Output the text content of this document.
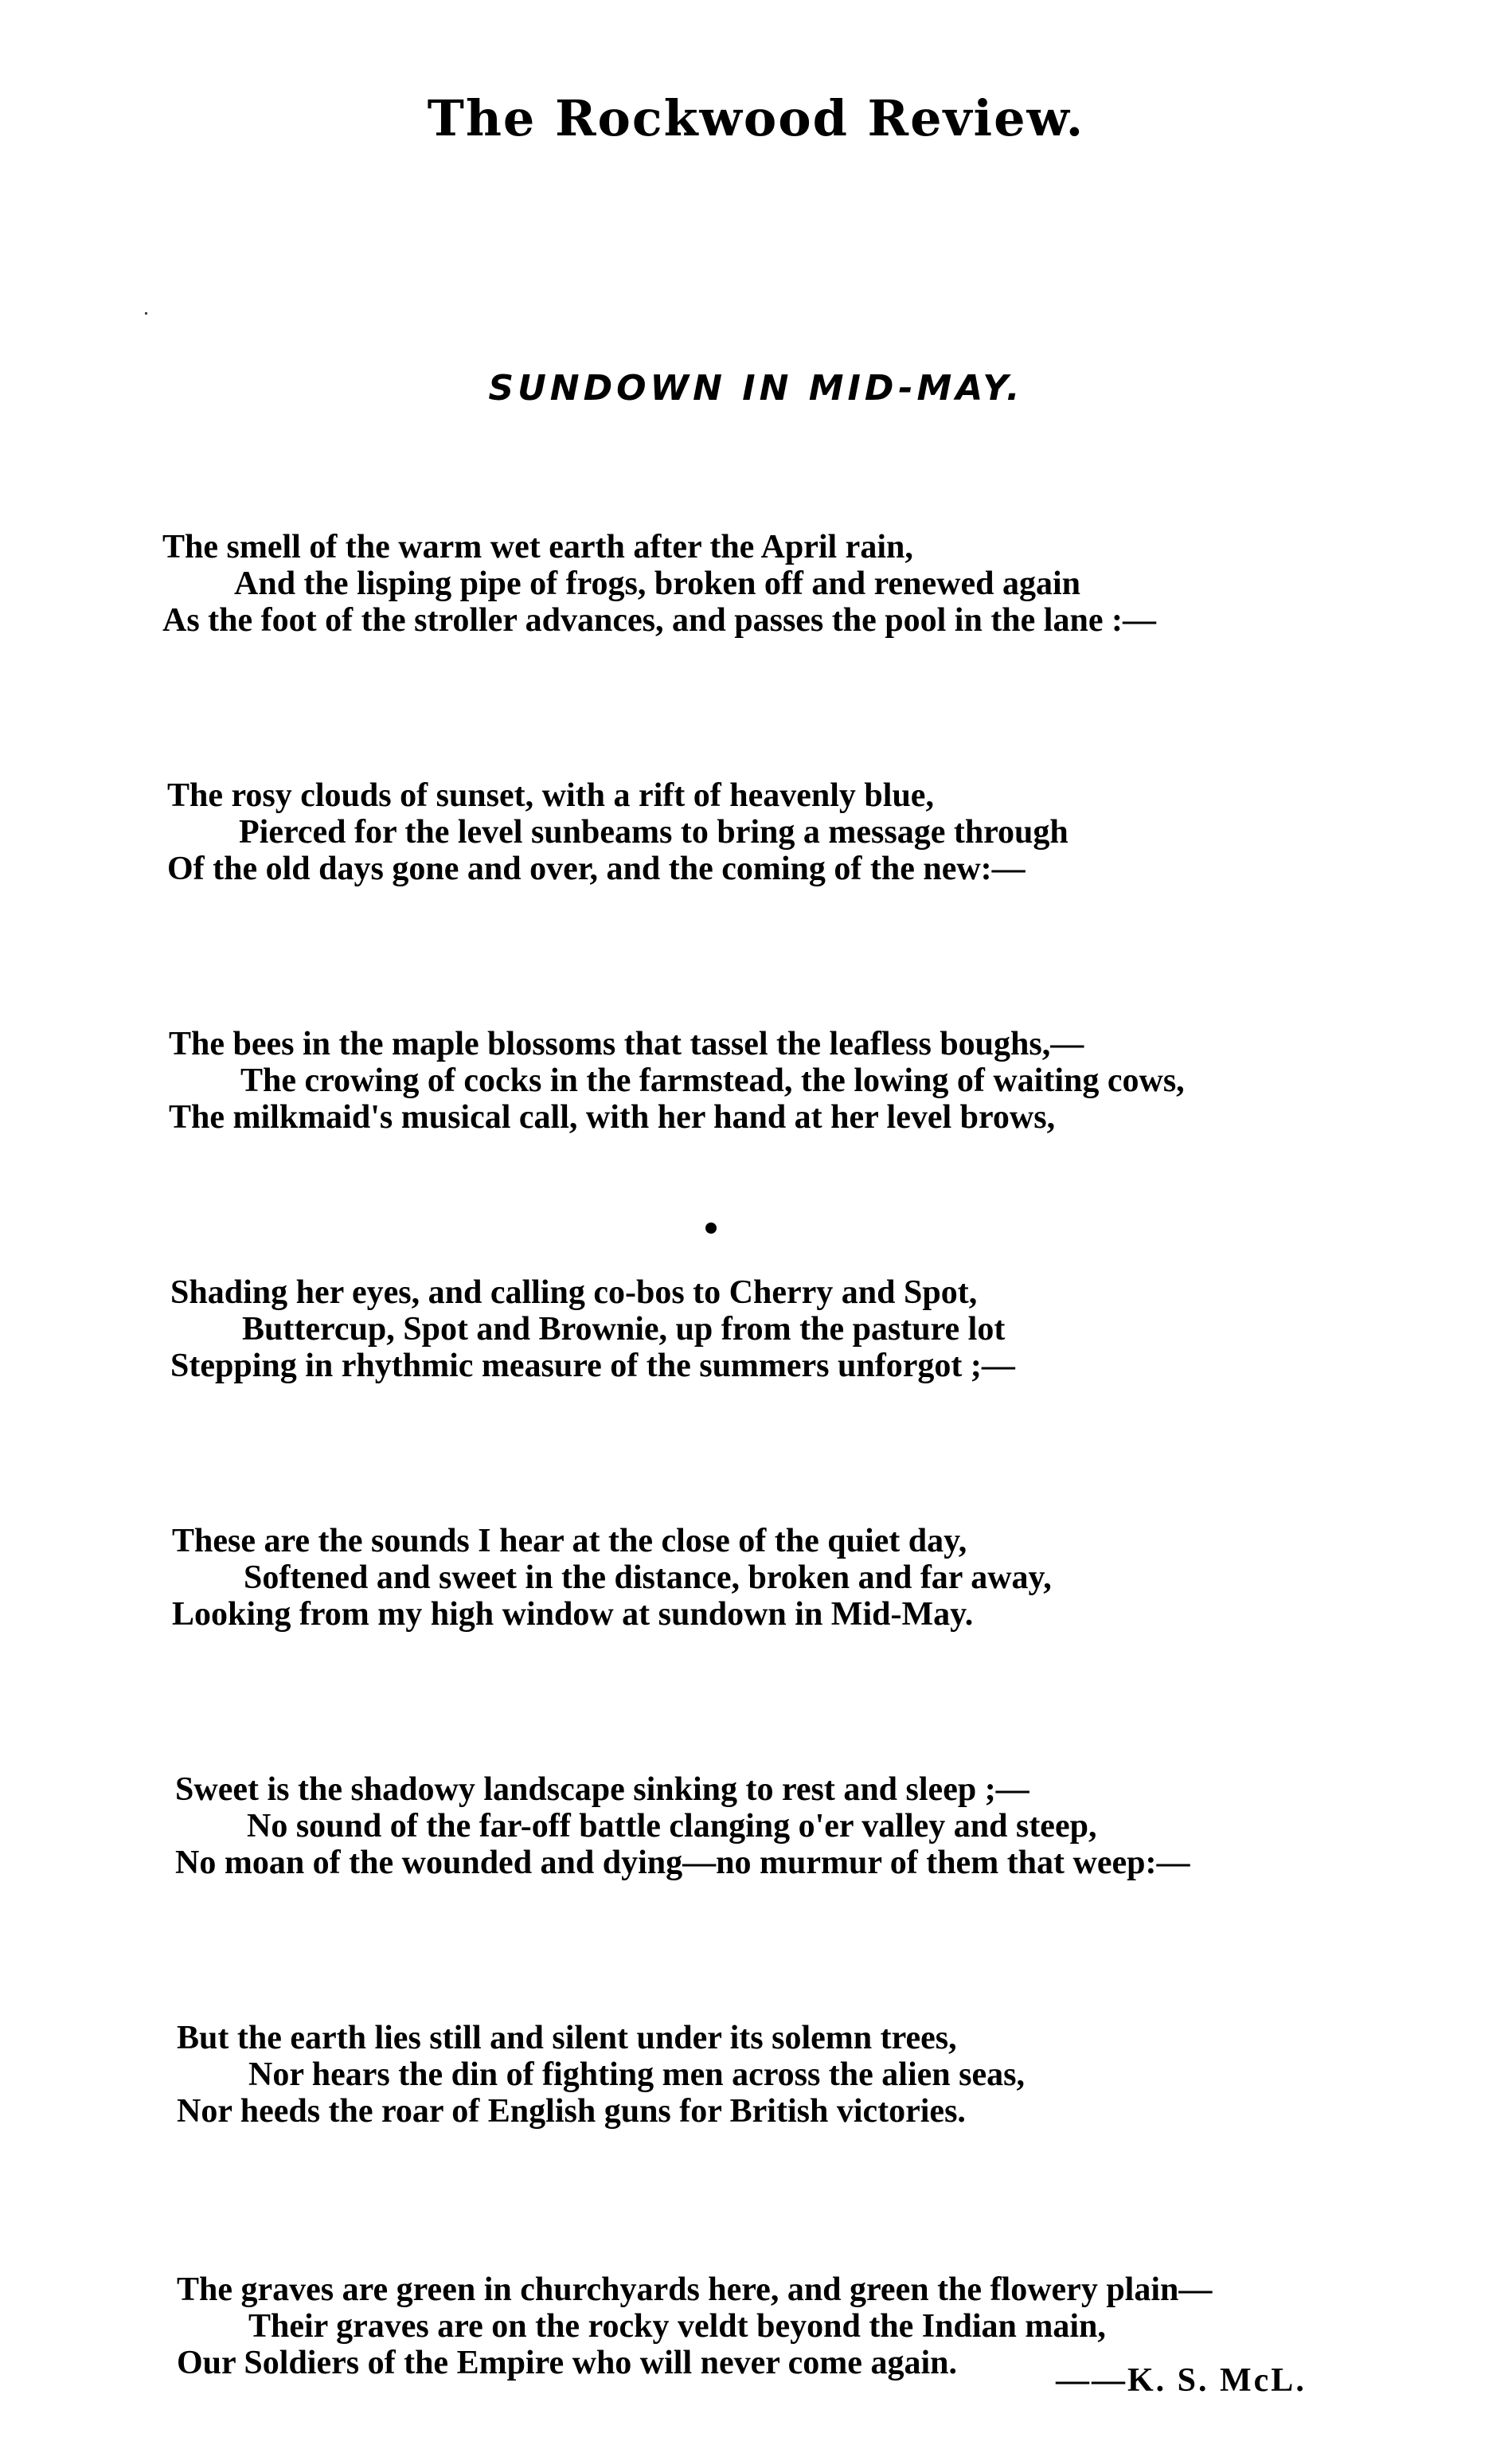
The Rockwood Review.
SUNDOWN IN MID-MAY.

The smell of the warm wet earth after the April rain,
And the lisping pipe of frogs, broken off and renewed again
As the foot of the stroller advances, and passes the pool in the lane :—

The rosy clouds of sunset, with a rift of heavenly blue,
Pierced for the level sunbeams to bring a message through
Of the old days gone and over, and the coming of the new:—

The bees in the maple blossoms that tassel the leafless boughs,—
The crowing of cocks in the farmstead, the lowing of waiting cows,
The milkmaid's musical call, with her hand at her level brows,

Shading her eyes, and calling co-bos to Cherry and Spot,
Buttercup, Spot and Brownie, up from the pasture lot
Stepping in rhythmic measure of the summers unforgot ;—

These are the sounds I hear at the close of the quiet day,
Softened and sweet in the distance, broken and far away,
Looking from my high window at sundown in Mid-May.

Sweet is the shadowy landscape sinking to rest and sleep ;—
No sound of the far-off battle clanging o'er valley and steep,
No moan of the wounded and dying—no murmur of them that weep:—

But the earth lies still and silent under its solemn trees,
Nor hears the din of fighting men across the alien seas,
Nor heeds the roar of English guns for British victories.

The graves are green in churchyards here, and green the flowery plain—
Their graves are on the rocky veldt beyond the Indian main,
Our Soldiers of the Empire who will never come again.	——K. S. McL.
